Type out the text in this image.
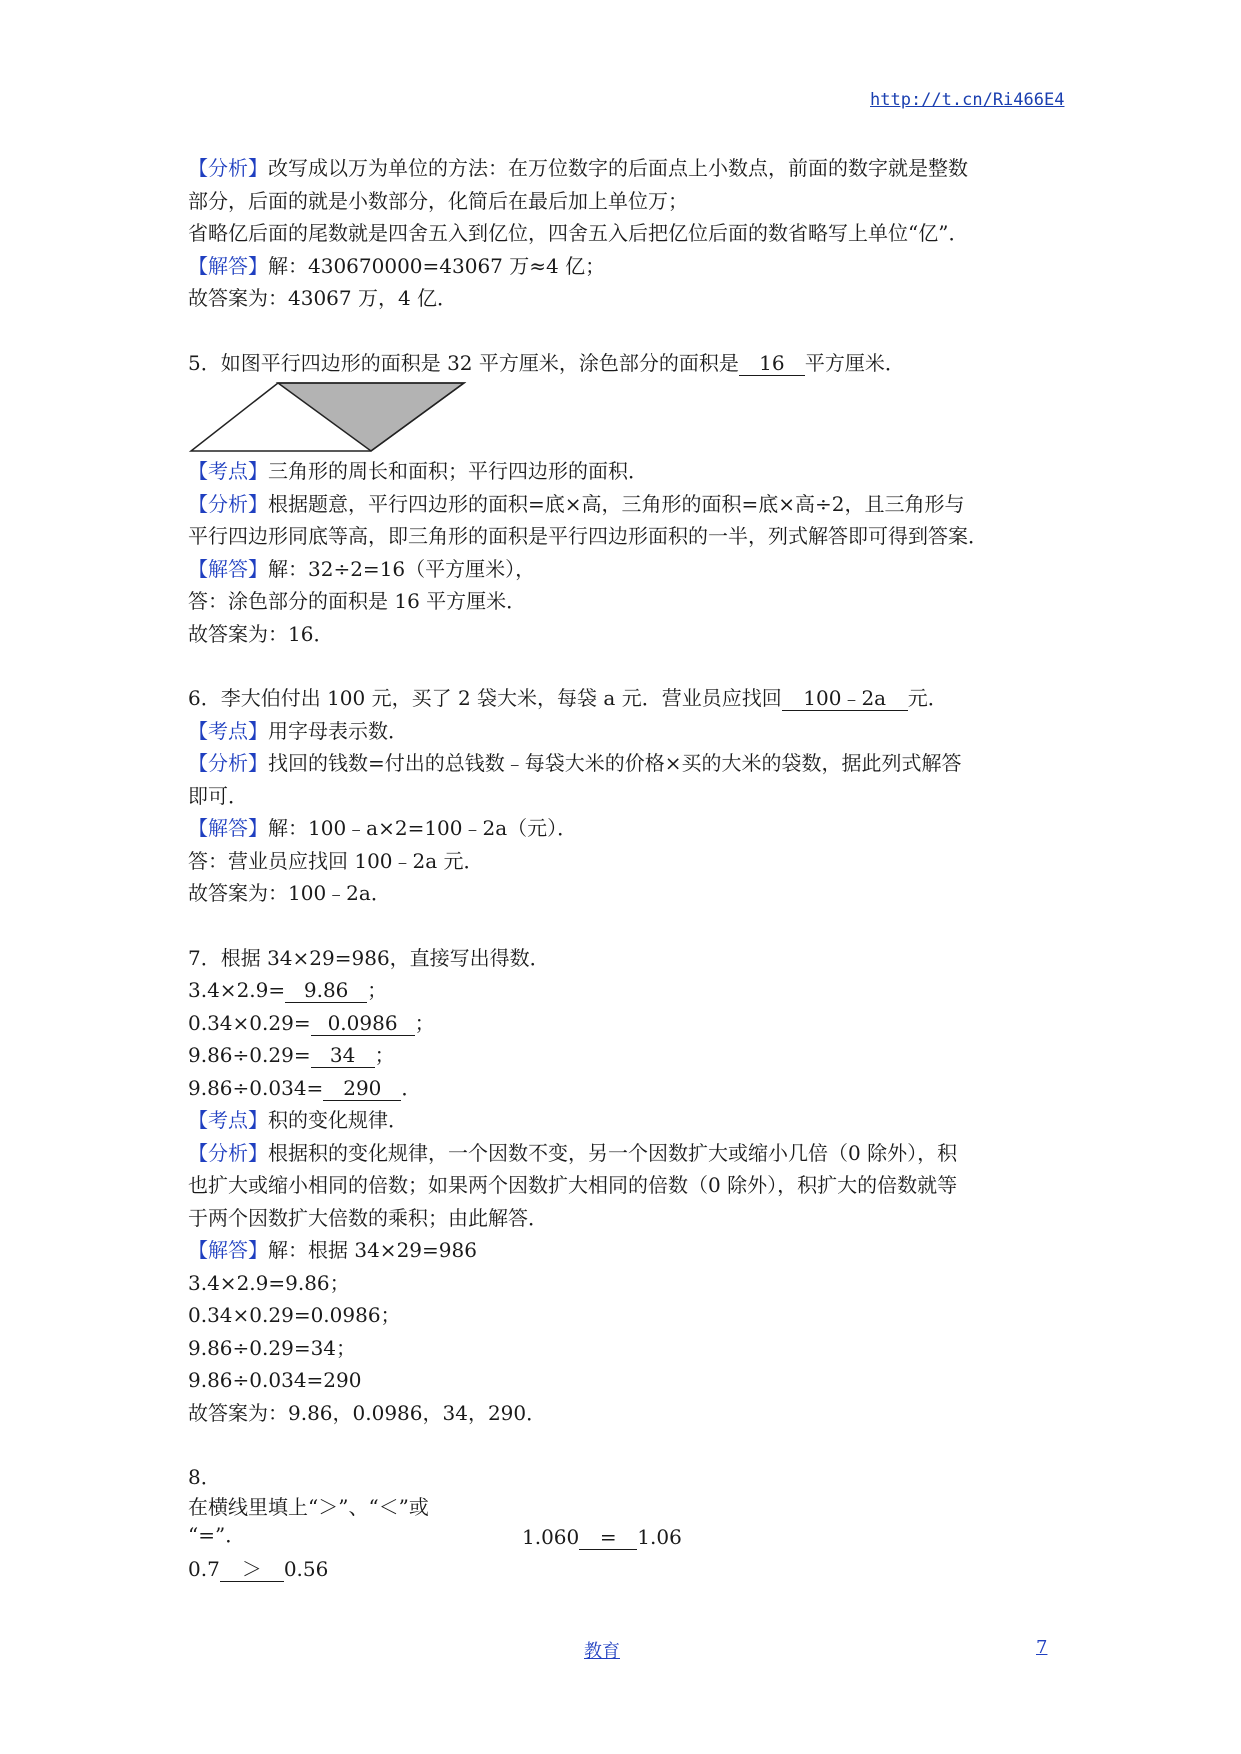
http://t.cn/Ri466E4
【分析】改写成以万为单位的方法：在万位数字的后面点上小数点，前面的数字就是整数
部分，后面的就是小数部分，化简后在最后加上单位万；
省略亿后面的尾数就是四舍五入到亿位，四舍五入后把亿位后面的数省略写上单位“亿”．
【解答】解：430670000=43067 万≈4 亿；
故答案为：43067 万，4 亿．
5．如图平行四边形的面积是 32 平方厘米，涂色部分的面积是 16 平方厘米．
【考点】三角形的周长和面积；平行四边形的面积．
【分析】根据题意，平行四边形的面积=底×高，三角形的面积=底×高÷2，且三角形与
平行四边形同底等高，即三角形的面积是平行四边形面积的一半，列式解答即可得到答案．
【解答】解：32÷2=16（平方厘米），
答：涂色部分的面积是 16 平方厘米．
故答案为：16．
6．李大伯付出 100 元，买了 2 袋大米，每袋 a 元．营业员应找回 100﹣2a 元．
【考点】用字母表示数．
【分析】找回的钱数=付出的总钱数﹣每袋大米的价格×买的大米的袋数，据此列式解答
即可．
【解答】解：100﹣a×2=100﹣2a（元）．
答：营业员应找回 100﹣2a 元．
故答案为：100﹣2a．
7．根据 34×29=986，直接写出得数．
3.4×2.9= 9.86 ；
0.34×0.29= 0.0986 ；
9.86÷0.29= 34 ；
9.86÷0.034= 290 ．
【考点】积的变化规律．
【分析】根据积的变化规律，一个因数不变，另一个因数扩大或缩小几倍（0 除外），积
也扩大或缩小相同的倍数；如果两个因数扩大相同的倍数（0 除外），积扩大的倍数就等
于两个因数扩大倍数的乘积；由此解答．
【解答】解：根据 34×29=986
3.4×2.9=9.86；
0.34×0.29=0.0986；
9.86÷0.29=34；
9.86÷0.034=290
故答案为：9.86，0.0986，34，290．
8．
在横线里填上“＞”、“＜”或
“=”．	1.060 = 1.06
0.7 ＞ 0.56
教育	7
